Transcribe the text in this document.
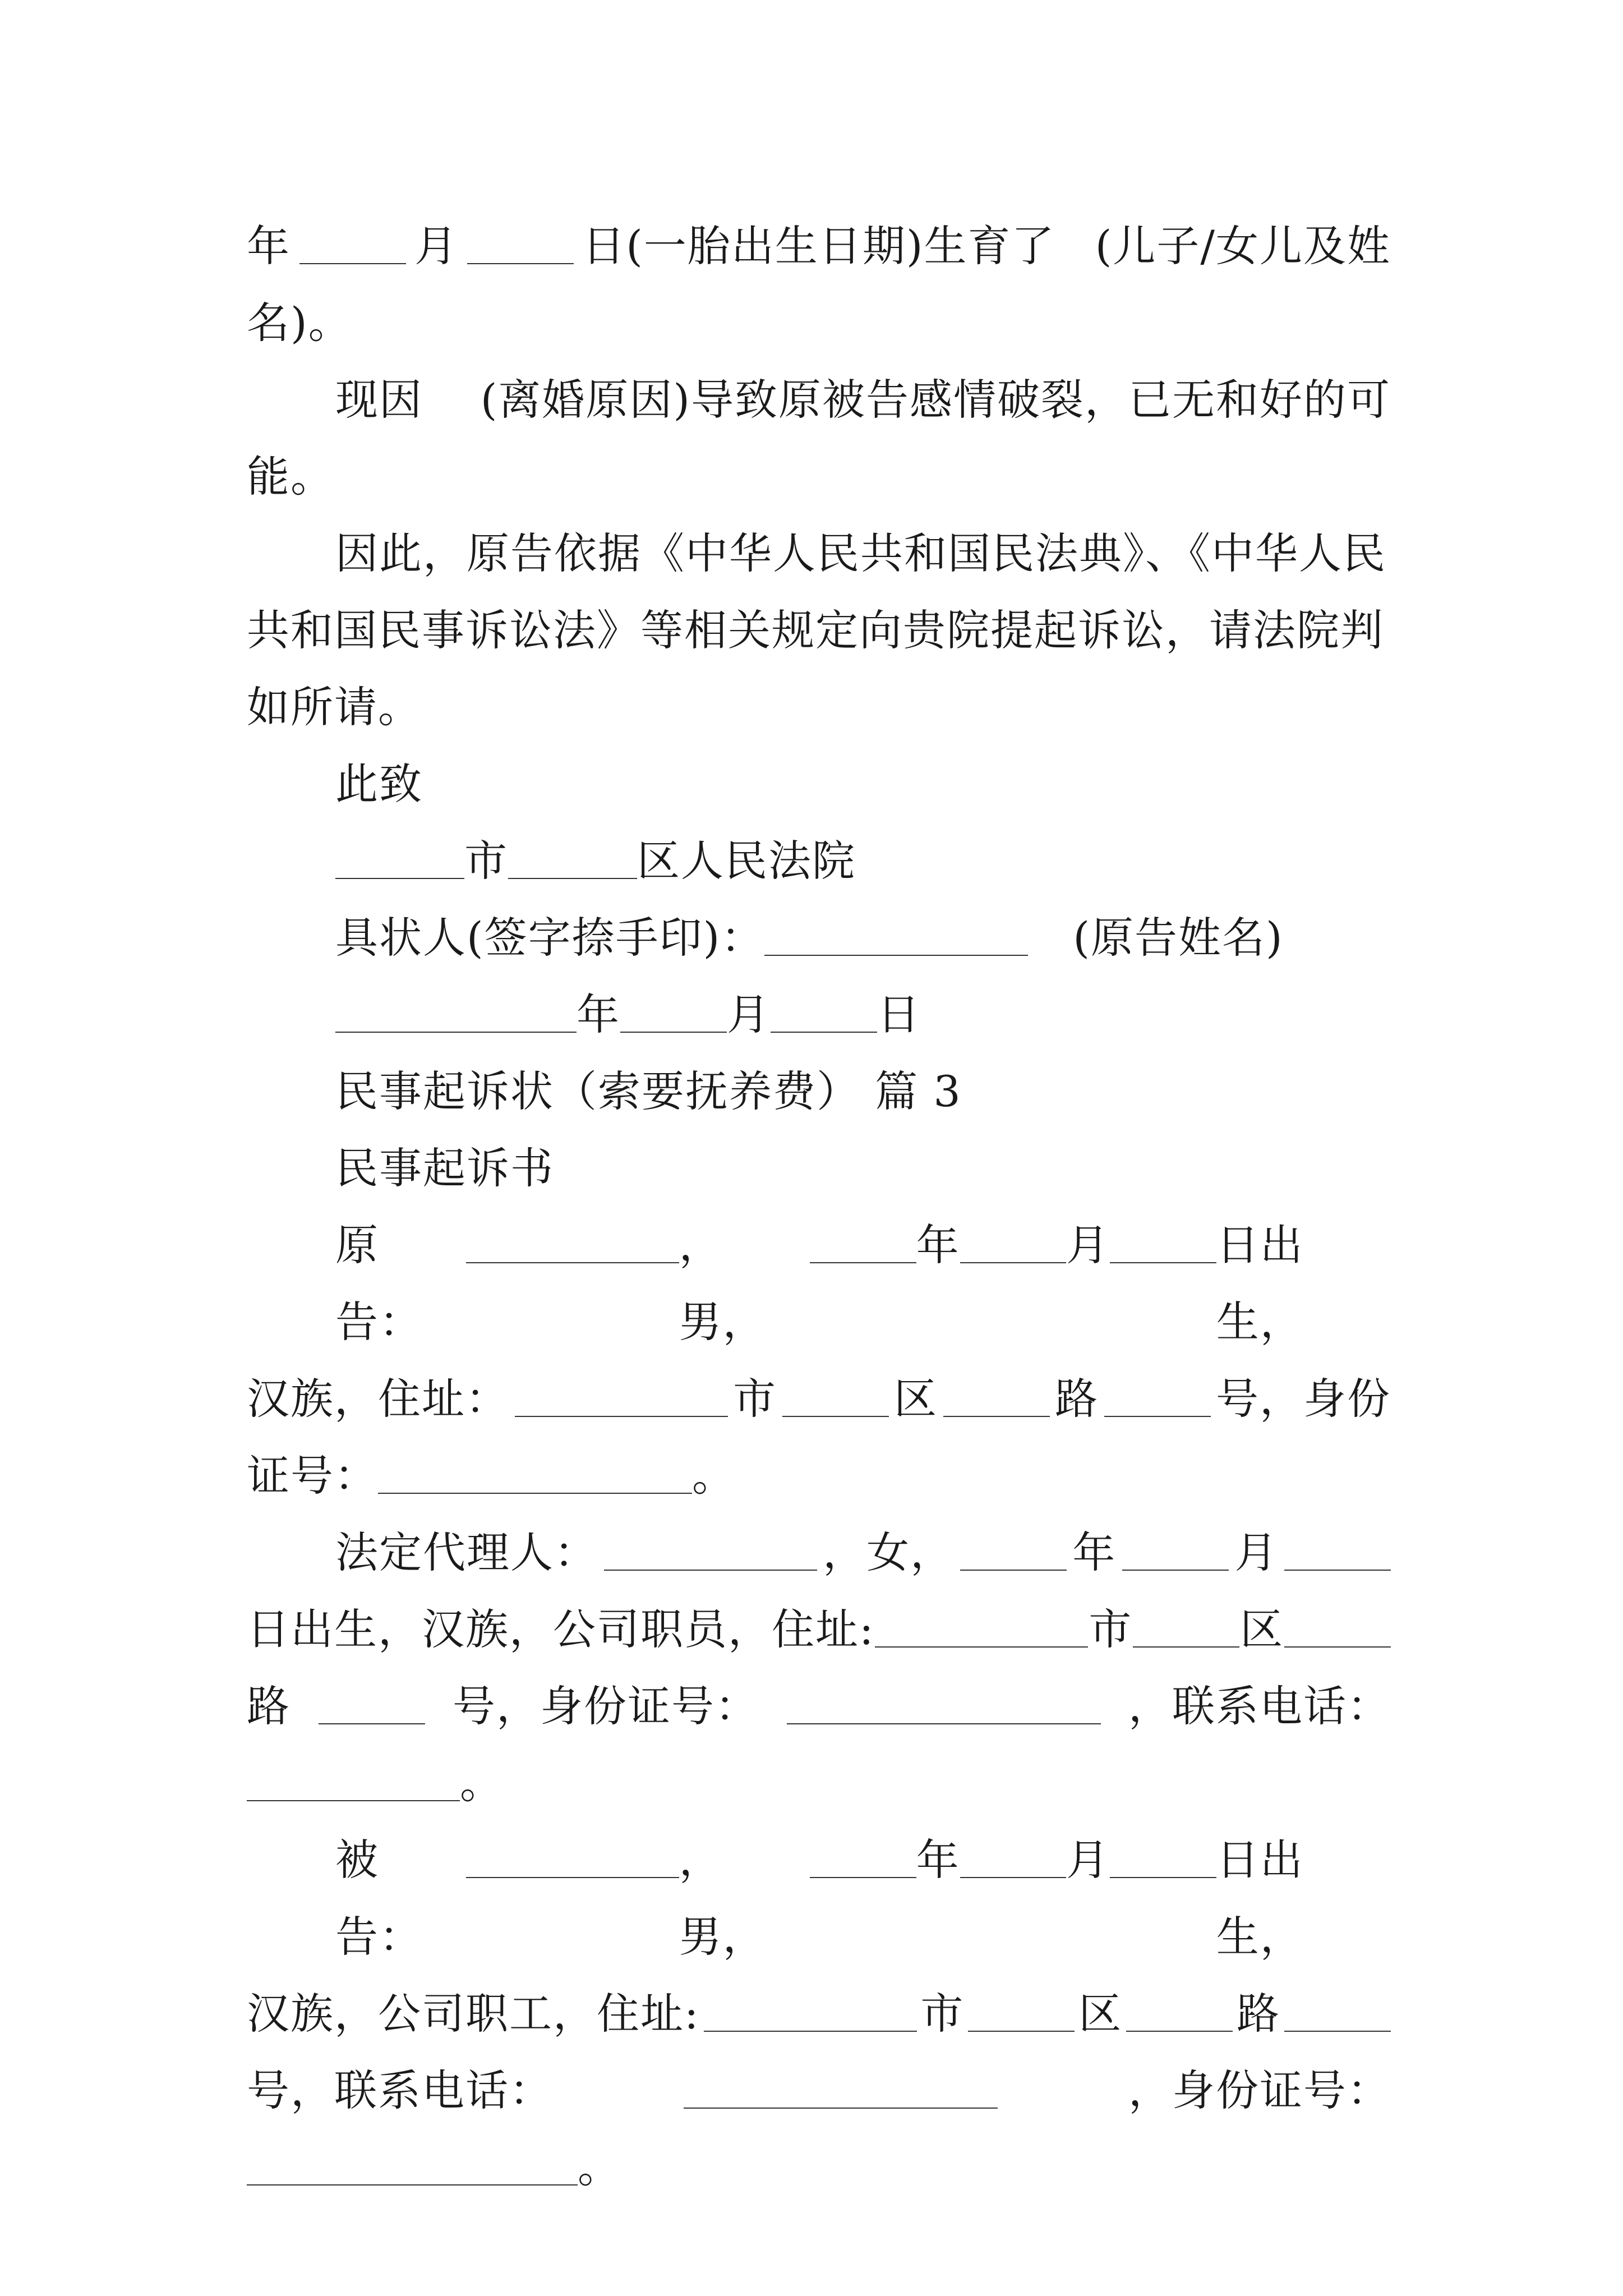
年	月	日(一胎出生日期)生育了 (儿子/女儿及姓
名)。
现因 (离婚原因)导致原被告感情破裂，已无和好的可
能。
因此，原告依据《中华人民共和国民法典》、《中华人民
共和国民事诉讼法》等相关规定向贵院提起诉讼，请法院判
如所请。
此致
市	区人民法院
具状人(签字捺手印)：	(原告姓名)
年	月	日
民事起诉状（索要抚养费） 篇 3
民事起诉书
原告：
，男，
年 月 日出生，
汉族，住址：	市	区	路	号，身份
证号：	。
法定代理人：	，女，	年	月
日出生，汉族，公司职员，住址:	市	区
路	号，身份证号：	，联系电话：
。
被告：
，男，
年 月 日出生，
汉族，公司职工，住址:	市	区	路
号，联系电话：	，身份证号：
。
